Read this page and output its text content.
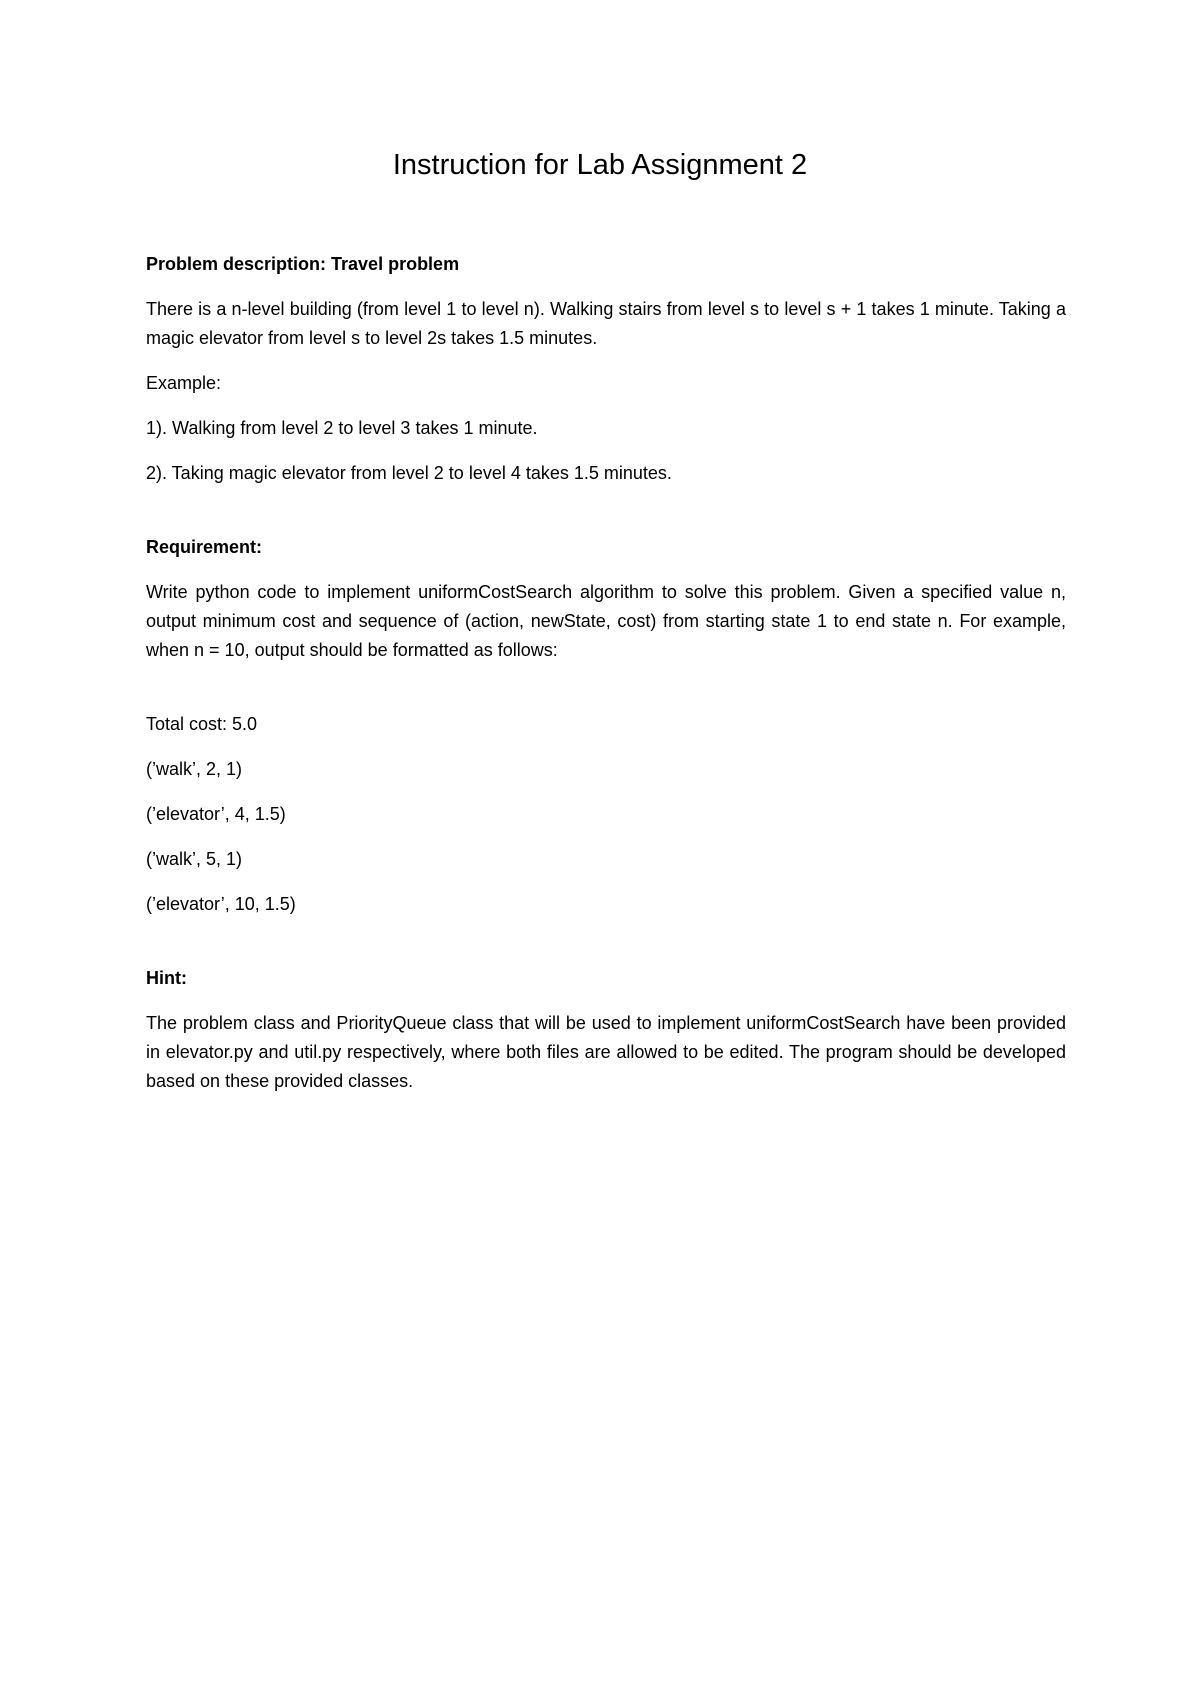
Instruction for Lab Assignment 2

Problem description: Travel problem

There is a n-level building (from level 1 to level n). Walking stairs from level s to level s + 1 takes 1 minute. Taking a magic elevator from level s to level 2s takes 1.5 minutes.

Example:

1). Walking from level 2 to level 3 takes 1 minute.

2). Taking magic elevator from level 2 to level 4 takes 1.5 minutes.

Requirement:

Write python code to implement uniformCostSearch algorithm to solve this problem. Given a specified value n, output minimum cost and sequence of (action, newState, cost) from starting state 1 to end state n. For example, when n = 10, output should be formatted as follows:

Total cost: 5.0

(’walk’, 2, 1)

(’elevator’, 4, 1.5)

(’walk’, 5, 1)

(’elevator’, 10, 1.5)

Hint:

The problem class and PriorityQueue class that will be used to implement uniformCostSearch have been provided in elevator.py and util.py respectively, where both files are allowed to be edited. The program should be developed based on these provided classes.
